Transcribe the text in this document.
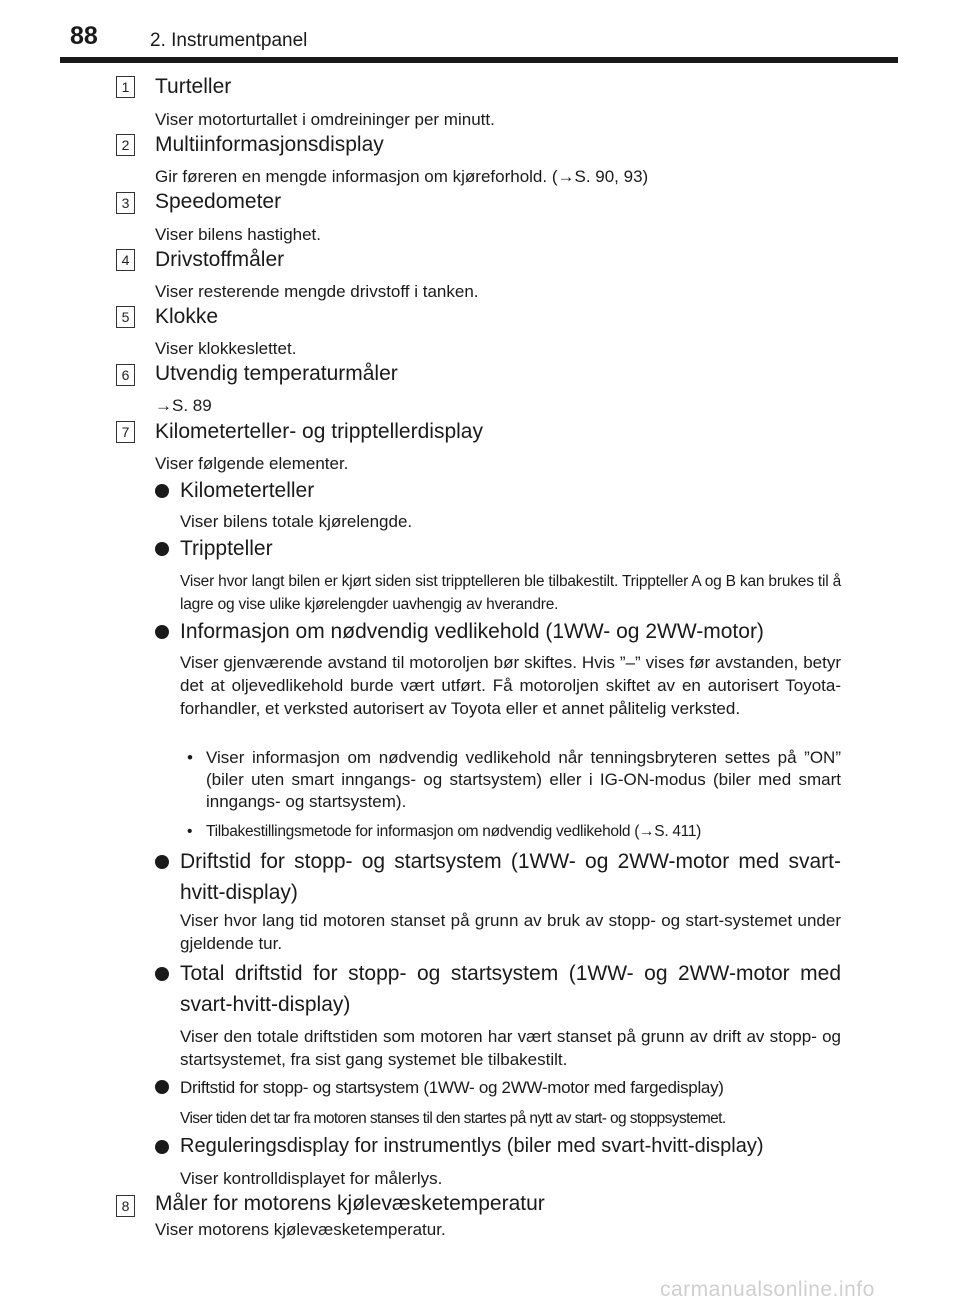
88	2. Instrumentpanel
1 Turteller
Viser motorturtallet i omdreininger per minutt.
2 Multiinformasjonsdisplay
Gir føreren en mengde informasjon om kjøreforhold. (→S. 90, 93)
3 Speedometer
Viser bilens hastighet.
4 Drivstoffmåler
Viser resterende mengde drivstoff i tanken.
5 Klokke
Viser klokkeslettet.
6 Utvendig temperaturmåler
→S. 89
7 Kilometerteller- og tripptellerdisplay
Viser følgende elementer.
Kilometerteller
Viser bilens totale kjørelengde.
Trippteller
Viser hvor langt bilen er kjørt siden sist tripptelleren ble tilbakestilt. Trippteller A og B kan brukes til å lagre og vise ulike kjørelengder uavhengig av hverandre.
Informasjon om nødvendig vedlikehold (1WW- og 2WW-motor)
Viser gjenværende avstand til motoroljen bør skiftes. Hvis ”–” vises før avstanden, betyr det at oljevedlikehold burde vært utført. Få motoroljen skiftet av en autorisert Toyota-forhandler, et verksted autorisert av Toyota eller et annet pålitelig verksted.
• Viser informasjon om nødvendig vedlikehold når tenningsbryteren settes på ”ON” (biler uten smart inngangs- og startsystem) eller i IG-ON-modus (biler med smart inngangs- og startsystem).
• Tilbakestillingsmetode for informasjon om nødvendig vedlikehold (→S. 411)
Driftstid for stopp- og startsystem (1WW- og 2WW-motor med svart-hvitt-display)
Viser hvor lang tid motoren stanset på grunn av bruk av stopp- og start-systemet under gjeldende tur.
Total driftstid for stopp- og startsystem (1WW- og 2WW-motor med svart-hvitt-display)
Viser den totale driftstiden som motoren har vært stanset på grunn av drift av stopp- og startsystemet, fra sist gang systemet ble tilbakestilt.
Driftstid for stopp- og startsystem (1WW- og 2WW-motor med fargedisplay)
Viser tiden det tar fra motoren stanses til den startes på nytt av start- og stoppsystemet.
Reguleringsdisplay for instrumentlys (biler med svart-hvitt-display)
Viser kontrolldisplayet for målerlys.
8 Måler for motorens kjølevæsketemperatur
Viser motorens kjølevæsketemperatur.
carmanualsonline.info
